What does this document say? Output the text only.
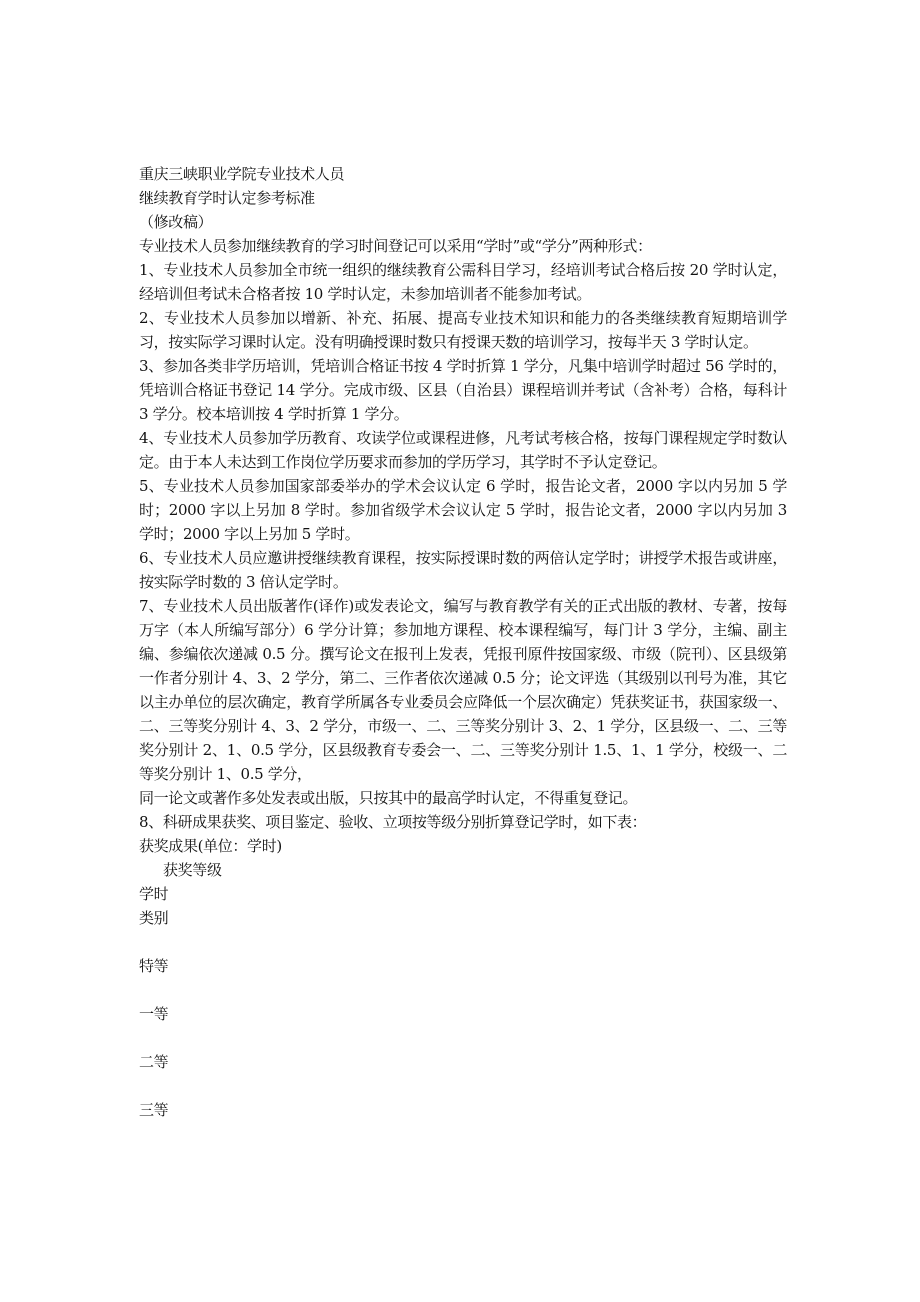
重庆三峡职业学院专业技术人员
继续教育学时认定参考标准
（修改稿）
专业技术人员参加继续教育的学习时间登记可以采用“学时”或“学分”两种形式：
1、专业技术人员参加全市统一组织的继续教育公需科目学习，经培训考试合格后按 20 学时认定，经培训但考试未合格者按 10 学时认定，未参加培训者不能参加考试。
2、专业技术人员参加以增新、补充、拓展、提高专业技术知识和能力的各类继续教育短期培训学习，按实际学习课时认定。没有明确授课时数只有授课天数的培训学习，按每半天 3 学时认定。
3、参加各类非学历培训，凭培训合格证书按 4 学时折算 1 学分，凡集中培训学时超过 56 学时的，凭培训合格证书登记 14 学分。完成市级、区县（自治县）课程培训并考试（含补考）合格，每科计 3 学分。校本培训按 4 学时折算 1 学分。
4、专业技术人员参加学历教育、攻读学位或课程进修，凡考试考核合格，按每门课程规定学时数认定。由于本人未达到工作岗位学历要求而参加的学历学习，其学时不予认定登记。
5、专业技术人员参加国家部委举办的学术会议认定 6 学时，报告论文者，2000 字以内另加 5 学时；2000 字以上另加 8 学时。参加省级学术会议认定 5 学时，报告论文者，2000 字以内另加 3 学时；2000 字以上另加 5 学时。
6、专业技术人员应邀讲授继续教育课程，按实际授课时数的两倍认定学时；讲授学术报告或讲座，按实际学时数的 3 倍认定学时。
7、专业技术人员出版著作(译作)或发表论文，编写与教育教学有关的正式出版的教材、专著，按每万字（本人所编写部分）6 学分计算；参加地方课程、校本课程编写，每门计 3 学分，主编、副主编、参编依次递减 0.5 分。撰写论文在报刊上发表，凭报刊原件按国家级、市级（院刊）、区县级第一作者分别计 4、3、2 学分，第二、三作者依次递减 0.5 分；论文评选（其级别以刊号为准，其它以主办单位的层次确定，教育学所属各专业委员会应降低一个层次确定）凭获奖证书，获国家级一、二、三等奖分别计 4、3、2 学分，市级一、二、三等奖分别计 3、2、1 学分，区县级一、二、三等奖分别计 2、1、0.5 学分，区县级教育专委会一、二、三等奖分别计 1.5、1、1 学分，校级一、二等奖分别计 1、0.5 学分，
同一论文或著作多处发表或出版，只按其中的最高学时认定，不得重复登记。
8、科研成果获奖、项目鉴定、验收、立项按等级分别折算登记学时，如下表：
获奖成果(单位：学时)
获奖等级
学时
类别
特等
一等
二等
三等
